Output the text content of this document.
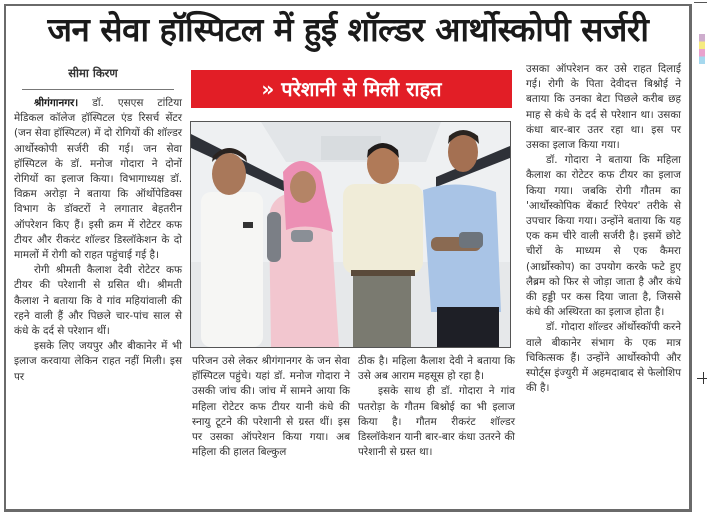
जन सेवा हॉस्पिटल में हुई शॉल्डर आर्थोस्कोपी सर्जरी
सीमा किरण
» परेशानी से मिली राहत

श्रीगंगानगर। डॉ. एसएस टांटिया मेडिकल कॉलेज हॉस्पिटल एंड रिसर्च सेंटर (जन सेवा हॉस्पिटल) में दो रोगियों की शॉल्डर आर्थोस्कोपी सर्जरी की गई। जन सेवा हॉस्पिटल के डॉ. मनोज गोदारा ने दोनों रोगियों का इलाज किया। विभागाध्यक्ष डॉ. विक्रम अरोड़ा ने बताया कि ऑर्थोपेडिक्स विभाग के डॉक्टरों ने लगातार बेहतरीन ऑपरेशन किए हैं। इसी क्रम में रोटेटर कफ टीयर और रीकरंट शॉल्डर डिस्लॉकेशन के दो मामलों में रोगी को राहत पहुंचाई गई है।

रोगी श्रीमती कैलाश देवी रोटेटर कफ टीयर की परेशानी से ग्रसित थी। श्रीमती कैलाश ने बताया कि वे गांव महियांवाली की रहने वाली हैं और पिछले चार-पांच साल से कंधे के दर्द से परेशान थीं।

इसके लिए जयपुर और बीकानेर में भी इलाज करवाया लेकिन राहत नहीं मिली। इस पर

परिजन उसे लेकर श्रीगंगानगर के जन सेवा हॉस्पिटल पहुंचे। यहां डॉ. मनोज गोदारा ने उसकी जांच की। जांच में सामने आया कि महिला रोटेटर कफ टीयर यानी कंधे की स्नायु टूटने की परेशानी से ग्रस्त थीं। इस पर उसका ऑपरेशन किया गया। अब महिला की हालत बिल्कुल

ठीक है। महिला कैलाश देवी ने बताया कि उसे अब आराम महसूस हो रहा है।

इसके साथ ही डॉ. गोदारा ने गांव पतरोड़ा के गौतम बिश्नोई का भी इलाज किया है। गौतम रीकरंट शॉल्डर डिस्लॉकेशन यानी बार-बार कंधा उतरने की परेशानी से ग्रस्त था।

उसका ऑपरेशन कर उसे राहत दिलाई गई। रोगी के पिता देवीदत्त बिश्नोई ने बताया कि उनका बेटा पिछले करीब छह माह से कंधे के दर्द से परेशान था। उसका कंधा बार-बार उतर रहा था। इस पर उसका इलाज किया गया।

डॉ. गोदारा ने बताया कि महिला कैलाश का रोटेटर कफ टीयर का इलाज किया गया। जबकि रोगी गौतम का 'आर्थोस्कोपिक बेंकार्ट रिपेयर' तरीके से उपचार किया गया। उन्होंने बताया कि यह एक कम चीरे वाली सर्जरी है। इसमें छोटे चीरों के माध्यम से एक कैमरा (आर्थ्रोस्कोप) का उपयोग करके फटे हुए लैब्रम को फिर से जोड़ा जाता है और कंधे की हड्डी पर कस दिया जाता है, जिससे कंधे की अस्थिरता का इलाज होता है।

डॉ. गोदारा शॉल्डर ऑर्थोस्कॉपी करने वाले बीकानेर संभाग के एक मात्र चिकित्सक हैं। उन्होंने आर्थोस्कोपी और स्पोर्ट्स इंज्युरी में अहमदाबाद से फेलोशिप की है।
